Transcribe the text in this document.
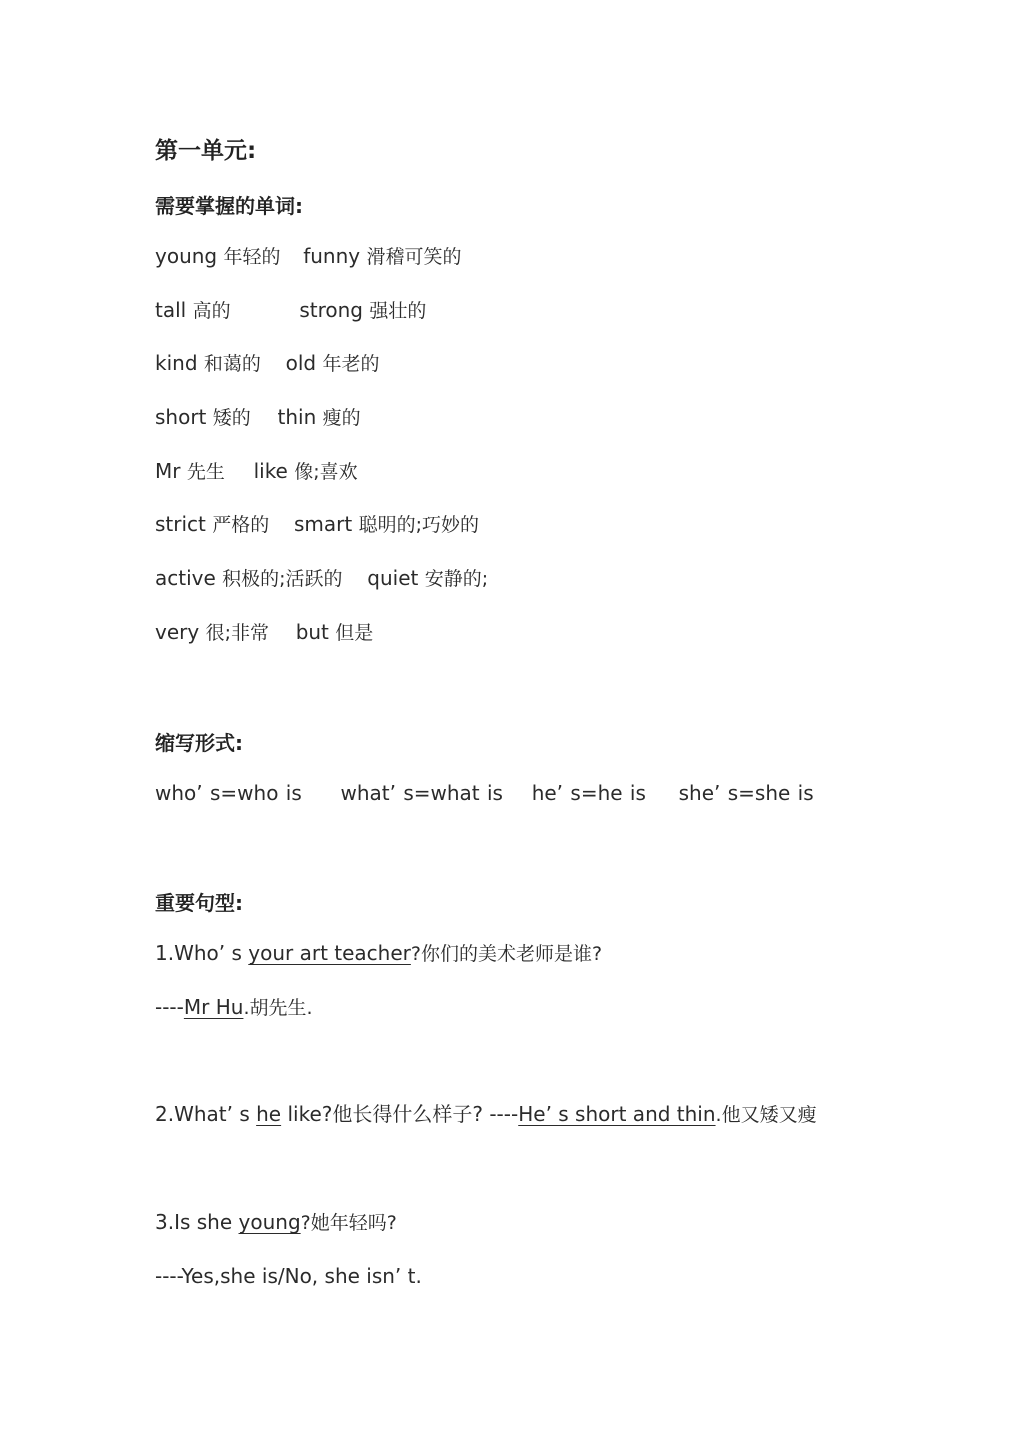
第一单元:
需要掌握的单词:
young 年轻的 funny 滑稽可笑的
tall 高的	strong 强壮的
kind 和蔼的 old 年老的
short 矮的 thin 瘦的
Mr 先生 like 像;喜欢
strict 严格的 smart 聪明的;巧妙的
active 积极的;活跃的 quiet 安静的;
very 很;非常 but 但是
缩写形式:
who’ s=who is what’ s=what is he’ s=he is she’ s=she is
重要句型:
1.Who’ s your art teacher?你们的美术老师是谁?
----Mr Hu.胡先生.
2.What’ s he like?他长得什么样子? ----He’ s short and thin.他又矮又瘦
3.Is she young?她年轻吗?
----Yes,she is/No, she isn’ t.
